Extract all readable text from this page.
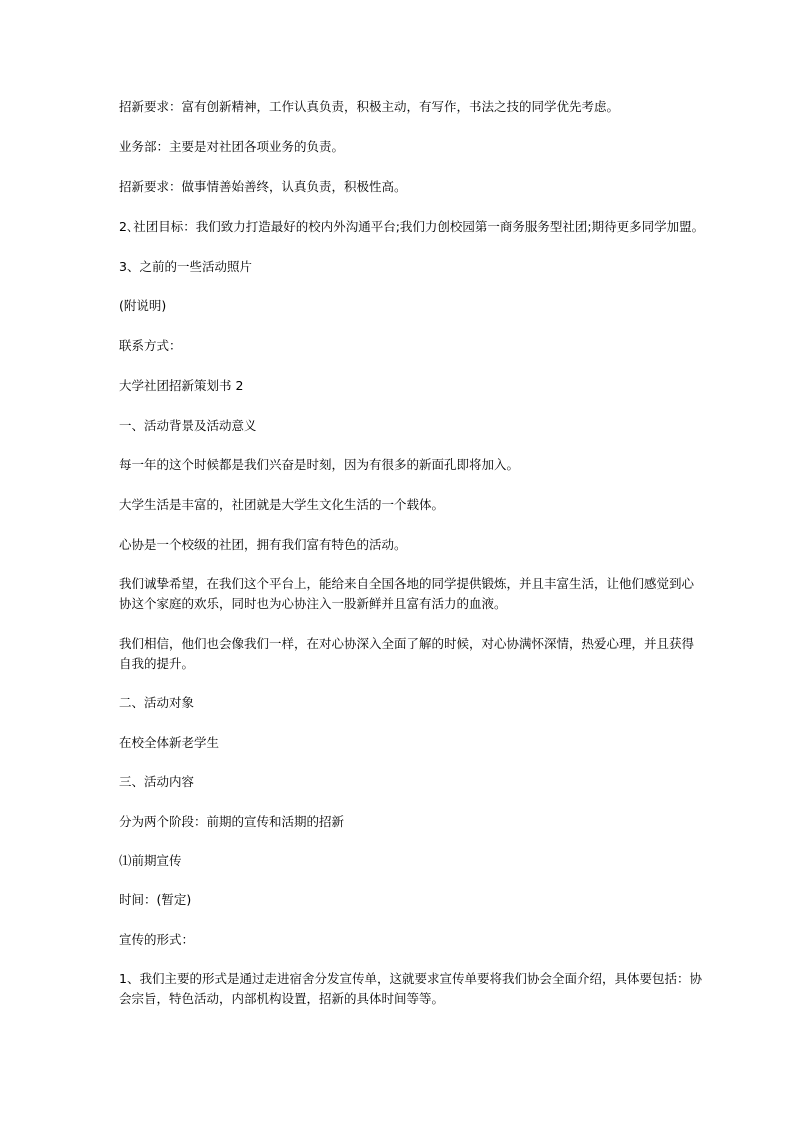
招新要求：富有创新精神，工作认真负责，积极主动，有写作，书法之技的同学优先考虑。

业务部：主要是对社团各项业务的负责。

招新要求：做事情善始善终，认真负责，积极性高。

2､社团目标：我们致力打造最好的校内外沟通平台;我们力创校园第一商务服务型社团;期待更多同学加盟。

3、之前的一些活动照片

(附说明)

联系方式：

大学社团招新策划书 2

一、活动背景及活动意义

每一年的这个时候都是我们兴奋是时刻，因为有很多的新面孔即将加入。

大学生活是丰富的，社团就是大学生文化生活的一个载体。

心协是一个校级的社团，拥有我们富有特色的活动。

我们诚挚希望，在我们这个平台上，能给来自全国各地的同学提供锻炼，并且丰富生活，让他们感觉到心

协这个家庭的欢乐，同时也为心协注入一股新鲜并且富有活力的血液。

我们相信，他们也会像我们一样，在对心协深入全面了解的时候，对心协满怀深情，热爱心理，并且获得

自我的提升。

二、活动对象

在校全体新老学生

三、活动内容

分为两个阶段：前期的宣传和活期的招新

⑴前期宣传

时间：(暂定)

宣传的形式：

1、我们主要的形式是通过走进宿舍分发宣传单，这就要求宣传单要将我们协会全面介绍，具体要包括：协

会宗旨，特色活动，内部机构设置，招新的具体时间等等。
